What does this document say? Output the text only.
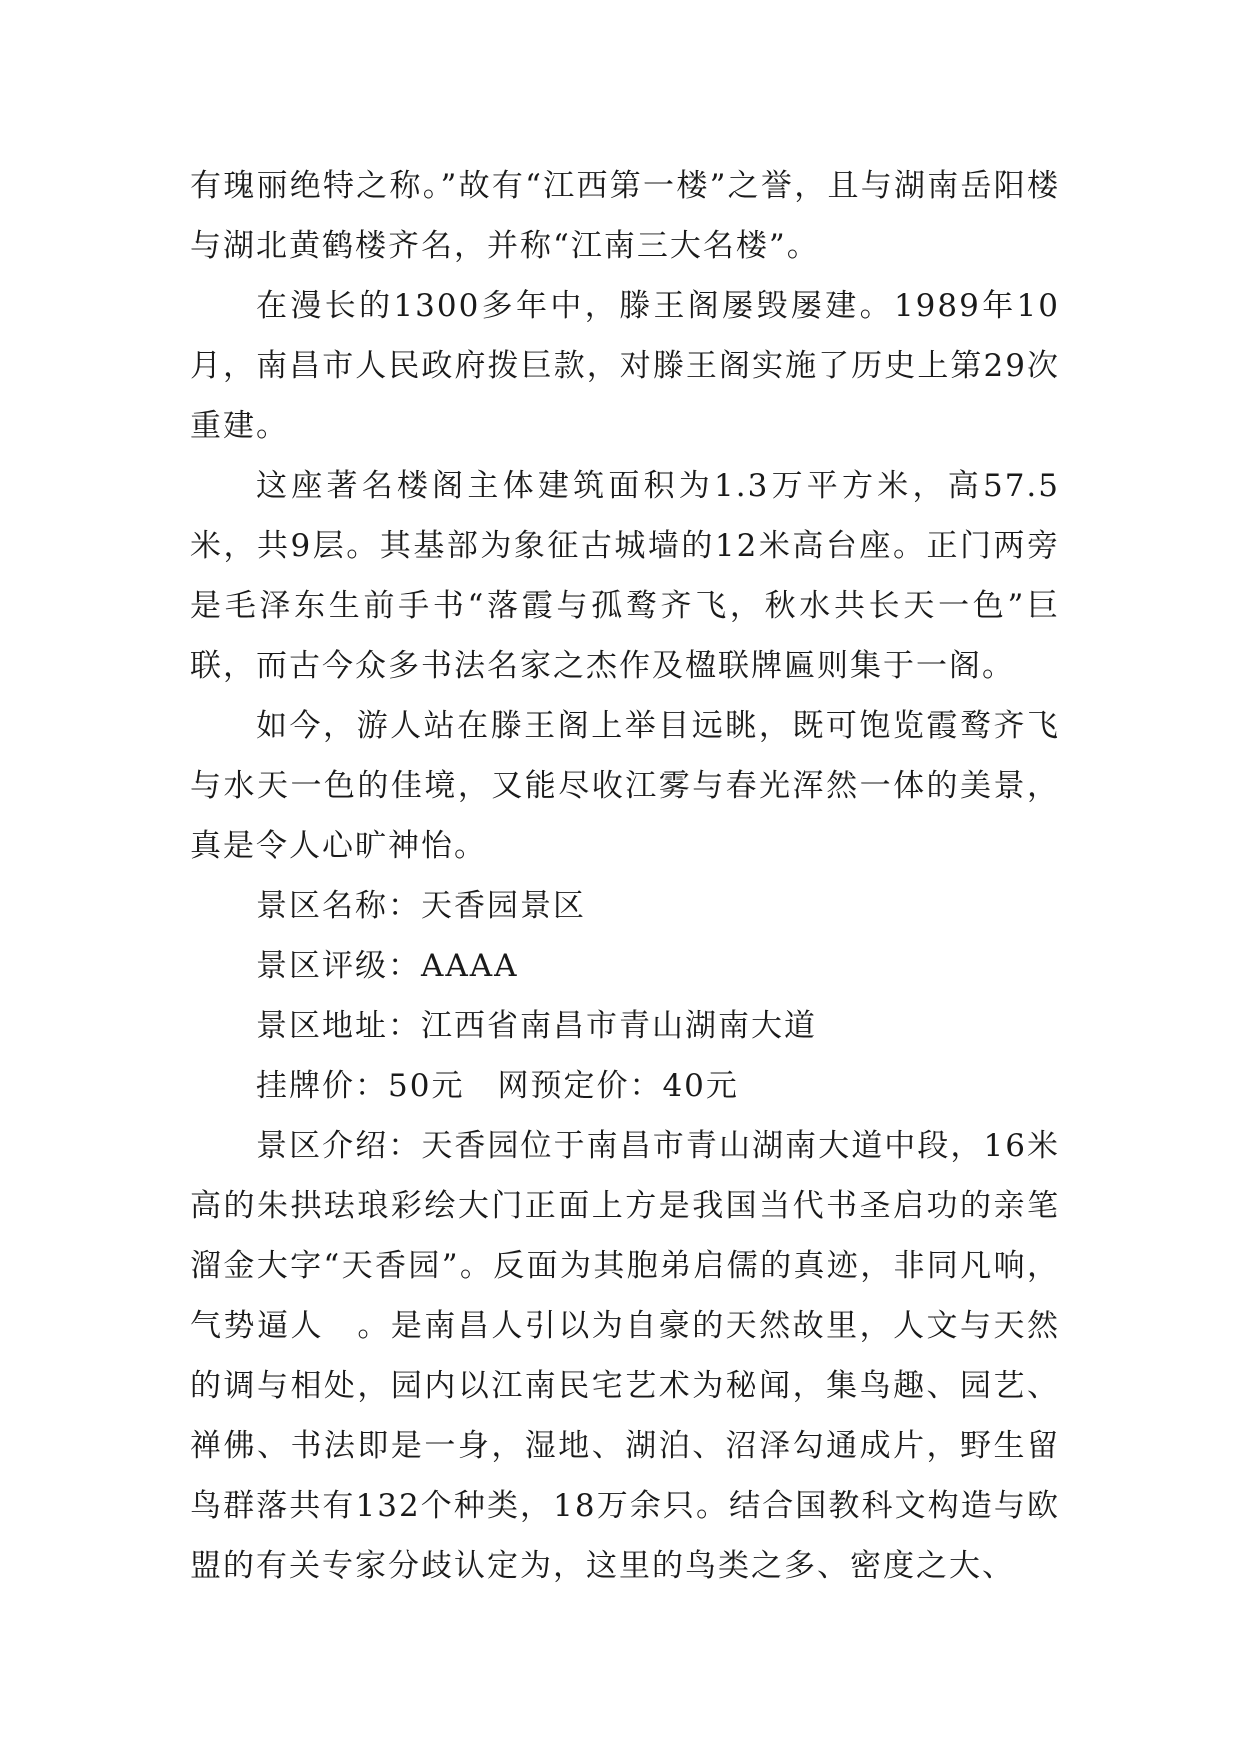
有瑰丽绝特之称。”故有“江西第一楼”之誉，且与湖南岳阳楼与湖北黄鹤楼齐名，并称“江南三大名楼”。

在漫长的1300多年中，滕王阁屡毁屡建。1989年10月，南昌市人民政府拨巨款，对滕王阁实施了历史上第29次重建。

这座著名楼阁主体建筑面积为1.3万平方米，高57.5米，共9层。其基部为象征古城墙的12米高台座。正门两旁是毛泽东生前手书“落霞与孤鹜齐飞，秋水共长天一色”巨联，而古今众多书法名家之杰作及楹联牌匾则集于一阁。

如今，游人站在滕王阁上举目远眺，既可饱览霞鹜齐飞与水天一色的佳境，又能尽收江雾与春光浑然一体的美景，真是令人心旷神怡。

景区名称：天香园景区

景区评级：AAAA

景区地址：江西省南昌市青山湖南大道

挂牌价：50元　网预定价：40元

景区介绍：天香园位于南昌市青山湖南大道中段，16米高的朱拱珐琅彩绘大门正面上方是我国当代书圣启功的亲笔溜金大字“天香园”。反面为其胞弟启儒的真迹，非同凡响，气势逼人　。是南昌人引以为自豪的天然故里，人文与天然的调与相处，园内以江南民宅艺术为秘闻，集鸟趣、园艺、禅佛、书法即是一身，湿地、湖泊、沼泽勾通成片，野生留鸟群落共有132个种类，18万余只。结合国教科文构造与欧盟的有关专家分歧认定为，这里的鸟类之多、密度之大、
